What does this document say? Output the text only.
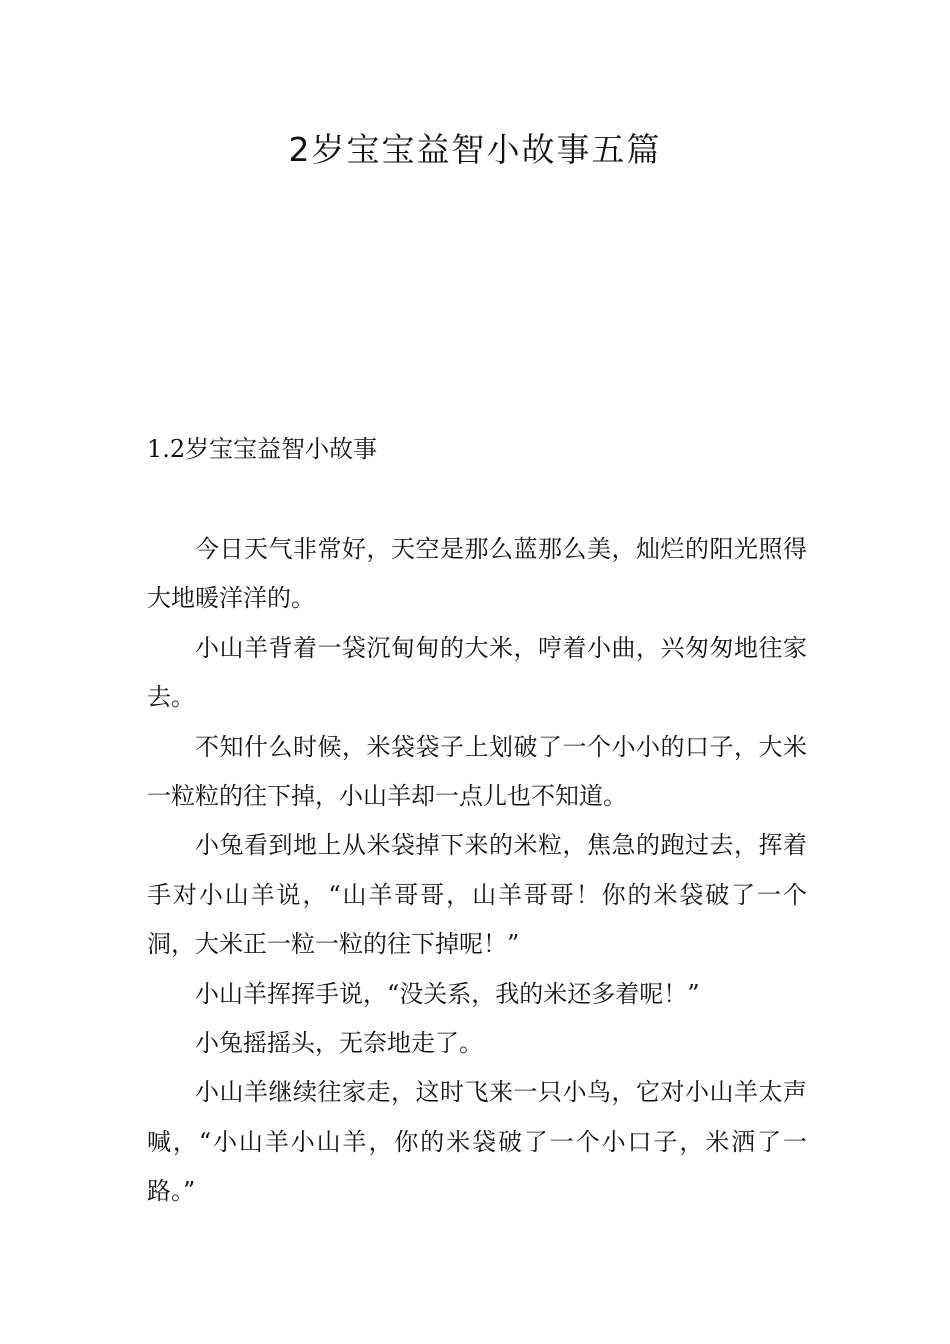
2岁宝宝益智小故事五篇
1.2岁宝宝益智小故事

今日天气非常好，天空是那么蓝那么美，灿烂的阳光照得大地暖洋洋的。

小山羊背着一袋沉甸甸的大米，哼着小曲，兴匆匆地往家去。

不知什么时候，米袋袋子上划破了一个小小的口子，大米一粒粒的往下掉，小山羊却一点儿也不知道。

小兔看到地上从米袋掉下来的米粒，焦急的跑过去，挥着手对小山羊说，“山羊哥哥，山羊哥哥！你的米袋破了一个洞，大米正一粒一粒的往下掉呢！”

小山羊挥挥手说，“没关系，我的米还多着呢！”

小兔摇摇头，无奈地走了。

小山羊继续往家走，这时飞来一只小鸟，它对小山羊太声喊，“小山羊小山羊，你的米袋破了一个小口子，米洒了一路。”
